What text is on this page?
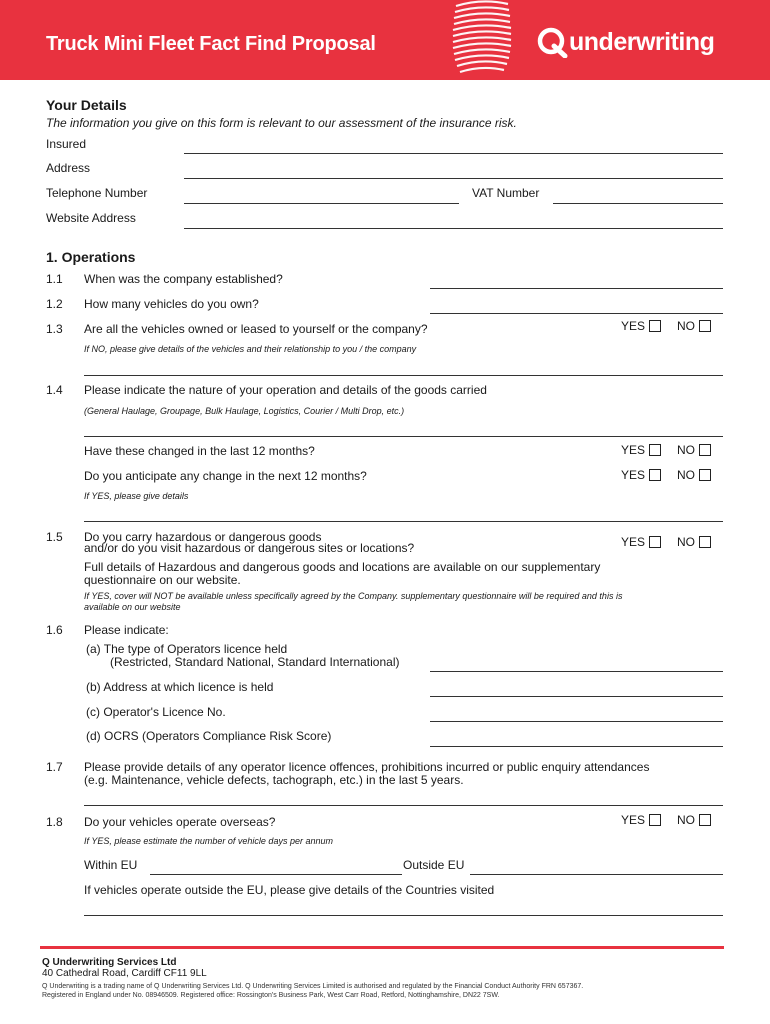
Truck Mini Fleet Fact Find Proposal	underwriting
Your Details
The information you give on this form is relevant to our assessment of the insurance risk.
Insured
Address
Telephone Number	VAT Number
Website Address
1. Operations
1.1 When was the company established?
1.2 How many vehicles do you own?
1.3 Are all the vehicles owned or leased to yourself or the company?	YES	NO
If NO, please give details of the vehicles and their relationship to you / the company
1.4 Please indicate the nature of your operation and details of the goods carried
(General Haulage, Groupage, Bulk Haulage, Logistics, Courier / Multi Drop, etc.)
Have these changed in the last 12 months?	YES	NO
Do you anticipate any change in the next 12 months?	YES	NO
If YES, please give details
1.5 Do you carry hazardous or dangerous goods
and/or do you visit hazardous or dangerous sites or locations?	YES	NO
Full details of Hazardous and dangerous goods and locations are available on our supplementary
questionnaire on our website.
If YES, cover will NOT be available unless specifically agreed by the Company. supplementary questionnaire will be required and this is
available on our website
1.6 Please indicate:
(a) The type of Operators licence held
(Restricted, Standard National, Standard International)
(b) Address at which licence is held
(c) Operator's Licence No.
(d) OCRS (Operators Compliance Risk Score)
1.7 Please provide details of any operator licence offences, prohibitions incurred or public enquiry attendances
(e.g. Maintenance, vehicle defects, tachograph, etc.) in the last 5 years.
1.8 Do your vehicles operate overseas?	YES	NO
If YES, please estimate the number of vehicle days per annum
Within EU	Outside EU
If vehicles operate outside the EU, please give details of the Countries visited
Q Underwriting Services Ltd
40 Cathedral Road, Cardiff CF11 9LL
Q Underwriting is a trading name of Q Underwriting Services Ltd. Q Underwriting Services Limited is authorised and regulated by the Financial Conduct Authority FRN 657367.
Registered in England under No. 08946509. Registered office: Rossington's Business Park, West Carr Road, Retford, Nottinghamshire, DN22 7SW.
